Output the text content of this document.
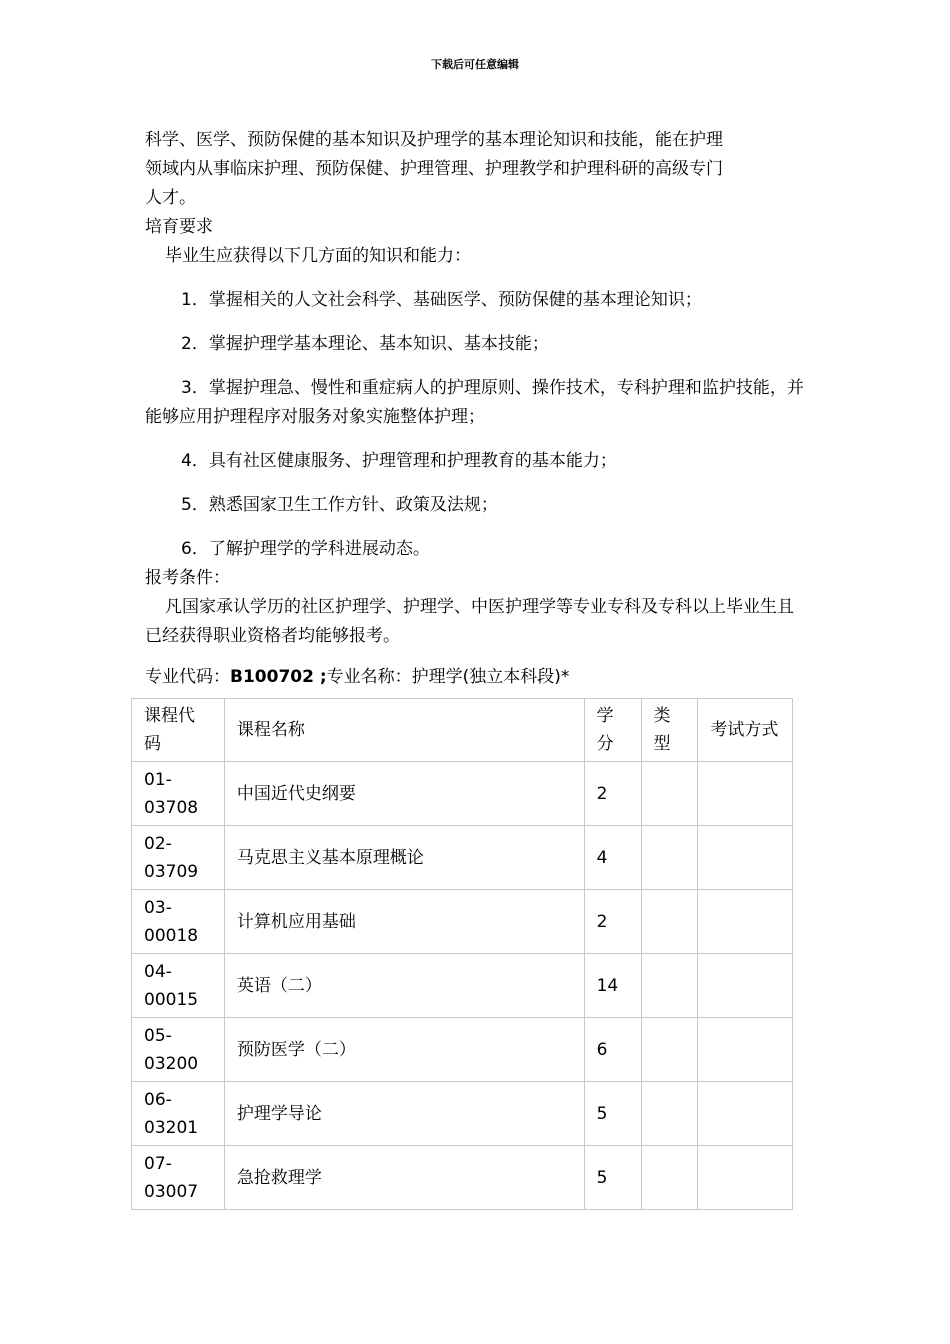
下载后可任意编辑

科学、医学、预防保健的基本知识及护理学的基本理论知识和技能，能在护理

领域内从事临床护理、预防保健、护理管理、护理教学和护理科研的高级专门

人才。

培育要求

毕业生应获得以下几方面的知识和能力：

1．掌握相关的人文社会科学、基础医学、预防保健的基本理论知识；

2．掌握护理学基本理论、基本知识、基本技能；

3．掌握护理急、慢性和重症病人的护理原则、操作技术，专科护理和监护技能，并能够应用护理程序对服务对象实施整体护理；

4．具有社区健康服务、护理管理和护理教育的基本能力；

5．熟悉国家卫生工作方针、政策及法规；

6．了解护理学的学科进展动态。

报考条件：

凡国家承认学历的社区护理学、护理学、中医护理学等专业专科及专科以上毕业生且已经获得职业资格者均能够报考。

专业代码：B100702 ;专业名称：护理学(独立本科段)*

课程代码	课程名称	学分	类型	考试方式
01-03708	中国近代史纲要	2		
02-03709	马克思主义基本原理概论	4		
03-00018	计算机应用基础	2		
04-00015	英语（二）	14		
05-03200	预防医学（二）	6		
06-03201	护理学导论	5		
07-03007	急抢救理学	5		
